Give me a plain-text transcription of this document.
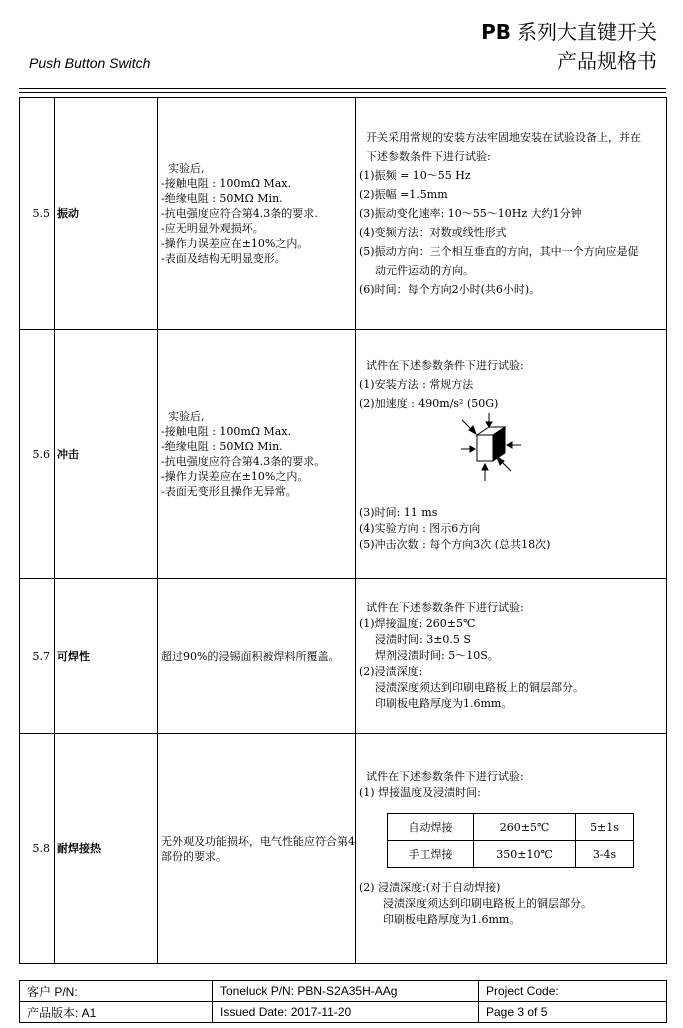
PB 系列大直键开关
产品规格书
Push Button Switch
5.5	振动	
实验后,
-接触电阻 : 100mΩ Max.
-绝缘电阻 : 50MΩ Min.
-抗电强度应符合第4.3条的要求.
-应无明显外观损坏。
-操作力误差应在±10%之内。
-表面及结构无明显变形。

开关采用常规的安装方法牢固地安装在试验设备上，并在
下述参数条件下进行试验:
(1)振频 = 10～55 Hz
(2)振幅 =1.5mm
(3)振动变化速率: 10～55～10Hz 大约1分钟
(4)变频方法：对数或线性形式
(5)振动方向：三个相互垂直的方向，其中一个方向应是促
动元件运动的方向。
(6)时间：每个方向2小时(共6小时)。

5.6	冲击	
实验后,
-接触电阻 : 100mΩ Max.
-绝缘电阻 : 50MΩ Min.
-抗电强度应符合第4.3条的要求。
-操作力误差应在±10%之内。
-表面无变形且操作无异常。

试件在下述参数条件下进行试验:
(1)安装方法 : 常规方法
(2)加速度 : 490m/s² (50G)
(3)时间: 11 ms
(4)实验方向 : 图示6方向
(5)冲击次数 : 每个方向3次 (总共18次)

5.7	可焊性	超过90%的浸锡面积被焊料所覆盖。

试件在下述参数条件下进行试验:
(1)焊接温度: 260±5℃
浸渍时间: 3±0.5 S
焊剂浸渍时间: 5～10S。
(2)浸渍深度:
浸渍深度须达到印刷电路板上的铜层部分。
印刷板电路厚度为1.6mm。

5.8	耐焊接热	
无外观及功能损坏，电气性能应符合第4部份的要求。

试件在下述参数条件下进行试验:
(1) 焊接温度及浸渍时间:
自动焊接	260±5℃	5±1s
手工焊接	350±10℃	3-4s
(2) 浸渍深度:(对于自动焊接)
浸渍深度须达到印刷电路板上的铜层部分。
印刷板电路厚度为1.6mm。
客户 P/N:	Toneluck P/N: PBN-S2A35H-AAg	Project Code:
产品版本: A1	Issued Date: 2017-11-20	Page 3 of 5
